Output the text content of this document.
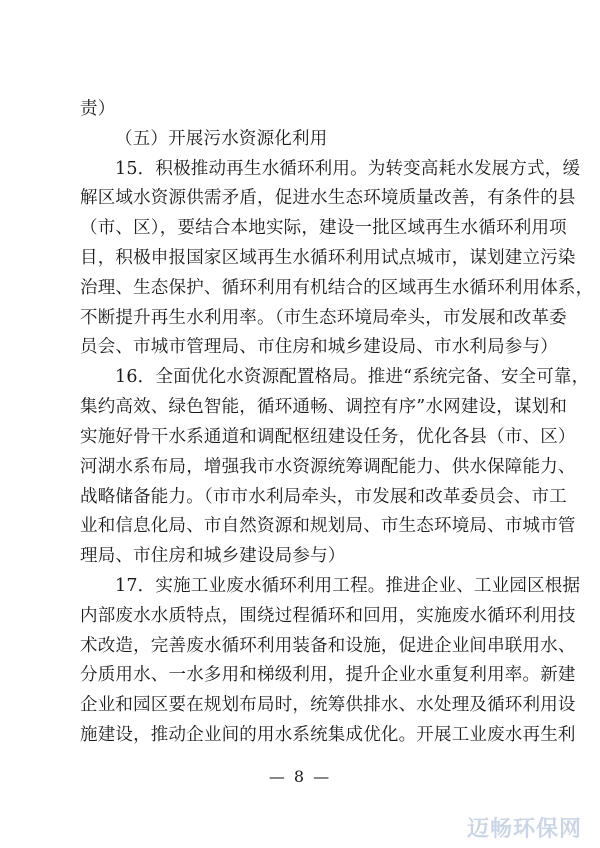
责）
（五）开展污水资源化利用
15．积极推动再生水循环利用。为转变高耗水发展方式，缓
解区域水资源供需矛盾，促进水生态环境质量改善，有条件的县
（市、区），要结合本地实际，建设一批区域再生水循环利用项
目，积极申报国家区域再生水循环利用试点城市，谋划建立污染
治理、生态保护、循环利用有机结合的区域再生水循环利用体系，
不断提升再生水利用率。（市生态环境局牵头，市发展和改革委
员会、市城市管理局、市住房和城乡建设局、市水利局参与）
16．全面优化水资源配置格局。推进“系统完备、安全可靠，
集约高效、绿色智能，循环通畅、调控有序”水网建设，谋划和
实施好骨干水系通道和调配枢纽建设任务，优化各县（市、区）
河湖水系布局，增强我市水资源统筹调配能力、供水保障能力、
战略储备能力。（市市水利局牵头，市发展和改革委员会、市工
业和信息化局、市自然资源和规划局、市生态环境局、市城市管
理局、市住房和城乡建设局参与）
17．实施工业废水循环利用工程。推进企业、工业园区根据
内部废水水质特点，围绕过程循环和回用，实施废水循环利用技
术改造，完善废水循环利用装备和设施，促进企业间串联用水、
分质用水、一水多用和梯级利用，提升企业水重复利用率。新建
企业和园区要在规划布局时，统筹供排水、水处理及循环利用设
施建设，推动企业间的用水系统集成优化。开展工业废水再生利
— 8 —
迈畅环保网
